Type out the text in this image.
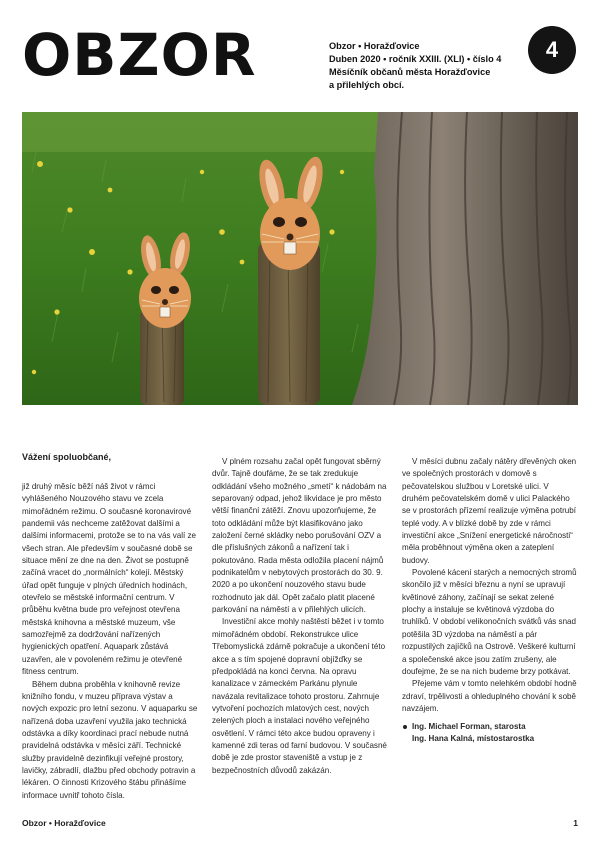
OBZOR	Obzor • Horažďovice
Duben 2020 • ročník XXIII. (XLI) • číslo 4
Měsíčník občanů města Horažďovice
a přilehlých obcí.
4
Vážení spoluobčané,

již druhý měsíc běží náš život v rámci vyhlášeného Nouzového stavu ve zcela mimořádném režimu. O současné koronavirové pandemii vás nechceme zatěžovat dalšími a dalšími informacemi, protože se to na vás valí ze všech stran. Ale především v současné době se situace mění ze dne na den. Život se postupně začíná vracet do „normálních“ kolejí. Městský úřad opět funguje v plných úředních hodinách, otevřelo se městské informační centrum. V průběhu května bude pro veřejnost otevřena městská knihovna a městské muzeum, vše samozřejmě za dodržování nařízených hygienických opatření. Aquapark zůstává uzavřen, ale v povoleném režimu je otevřené fitness centrum.

Během dubna proběhla v knihovně revize knižního fondu, v muzeu příprava výstav a nových expozic pro letní sezonu. V aquaparku se nařízená doba uzavření využila jako technická odstávka a díky koordinaci prací nebude nutná pravidelná odstávka v měsíci září. Technické služby pravidelně dezinfikují veřejné prostory, lavičky, zábradlí, dlažbu před obchody potravin a lékáren. O činnosti Krizového štábu přinášíme informace uvnitř tohoto čísla.

V plném rozsahu začal opět fungovat sběrný dvůr. Tajně doufáme, že se tak zredukuje odkládání všeho možného „smetí“ k nádobám na separovaný odpad, jehož likvidace je pro město větší finanční zátěží. Znovu upozorňujeme, že toto odkládání může být klasifikováno jako založení černé skládky nebo porušování OZV a dle příslušných zákonů a nařízení tak i pokutováno. Rada města odložila placení nájmů podnikatelům v nebytových prostorách do 30. 9. 2020 a po ukončení nouzového stavu bude rozhodnuto jak dál. Opět začalo platit placené parkování na náměstí a v přilehlých ulicích.

Investiční akce mohly naštěstí běžet i v tomto mimořádném období. Rekonstrukce ulice Třebomyslická zdárně pokračuje a ukončení této akce a s tím spojené dopravní objížďky se předpokládá na konci června. Na opravu kanalizace v zámeckém Parkánu plynule navázala revitalizace tohoto prostoru. Zahrnuje vytvoření pochozích mlatových cest, nových zelených ploch a instalaci nového veřejného osvětlení. V rámci této akce budou opraveny i kamenné zdi teras od farní budovou. V současné době je zde prostor staveniště a vstup je z bezpečnostních důvodů zakázán.

V měsíci dubnu začaly nátěry dřevěných oken ve společných prostorách v domově s pečovatelskou službou v Loretské ulici. V druhém pečovatelském domě v ulici Palackého se v prostorách přízemí realizuje výměna potrubí teplé vody. A v blízké době by zde v rámci investiční akce „Snížení energetické náročnosti“ měla proběhnout výměna oken a zateplení budovy.

Povolené kácení starých a nemocných stromů skončilo již v měsíci březnu a nyní se upravují květinové záhony, začínají se sekat zelené plochy a instaluje se květinová výzdoba do truhlíků. V období velikonočních svátků vás snad potěšila 3D výzdoba na náměstí a pár rozpustilých zajíčků na Ostrově. Veškeré kulturní a společenské akce jsou zatím zrušeny, ale doufejme, že se na nich budeme brzy potkávat.

Přejeme vám v tomto nelehkém období hodně zdraví, trpělivosti a ohleduplného chování k sobě navzájem.

Ing. Michael Forman, starosta
Ing. Hana Kalná, místostarostka
Obzor • Horažďovice	1
